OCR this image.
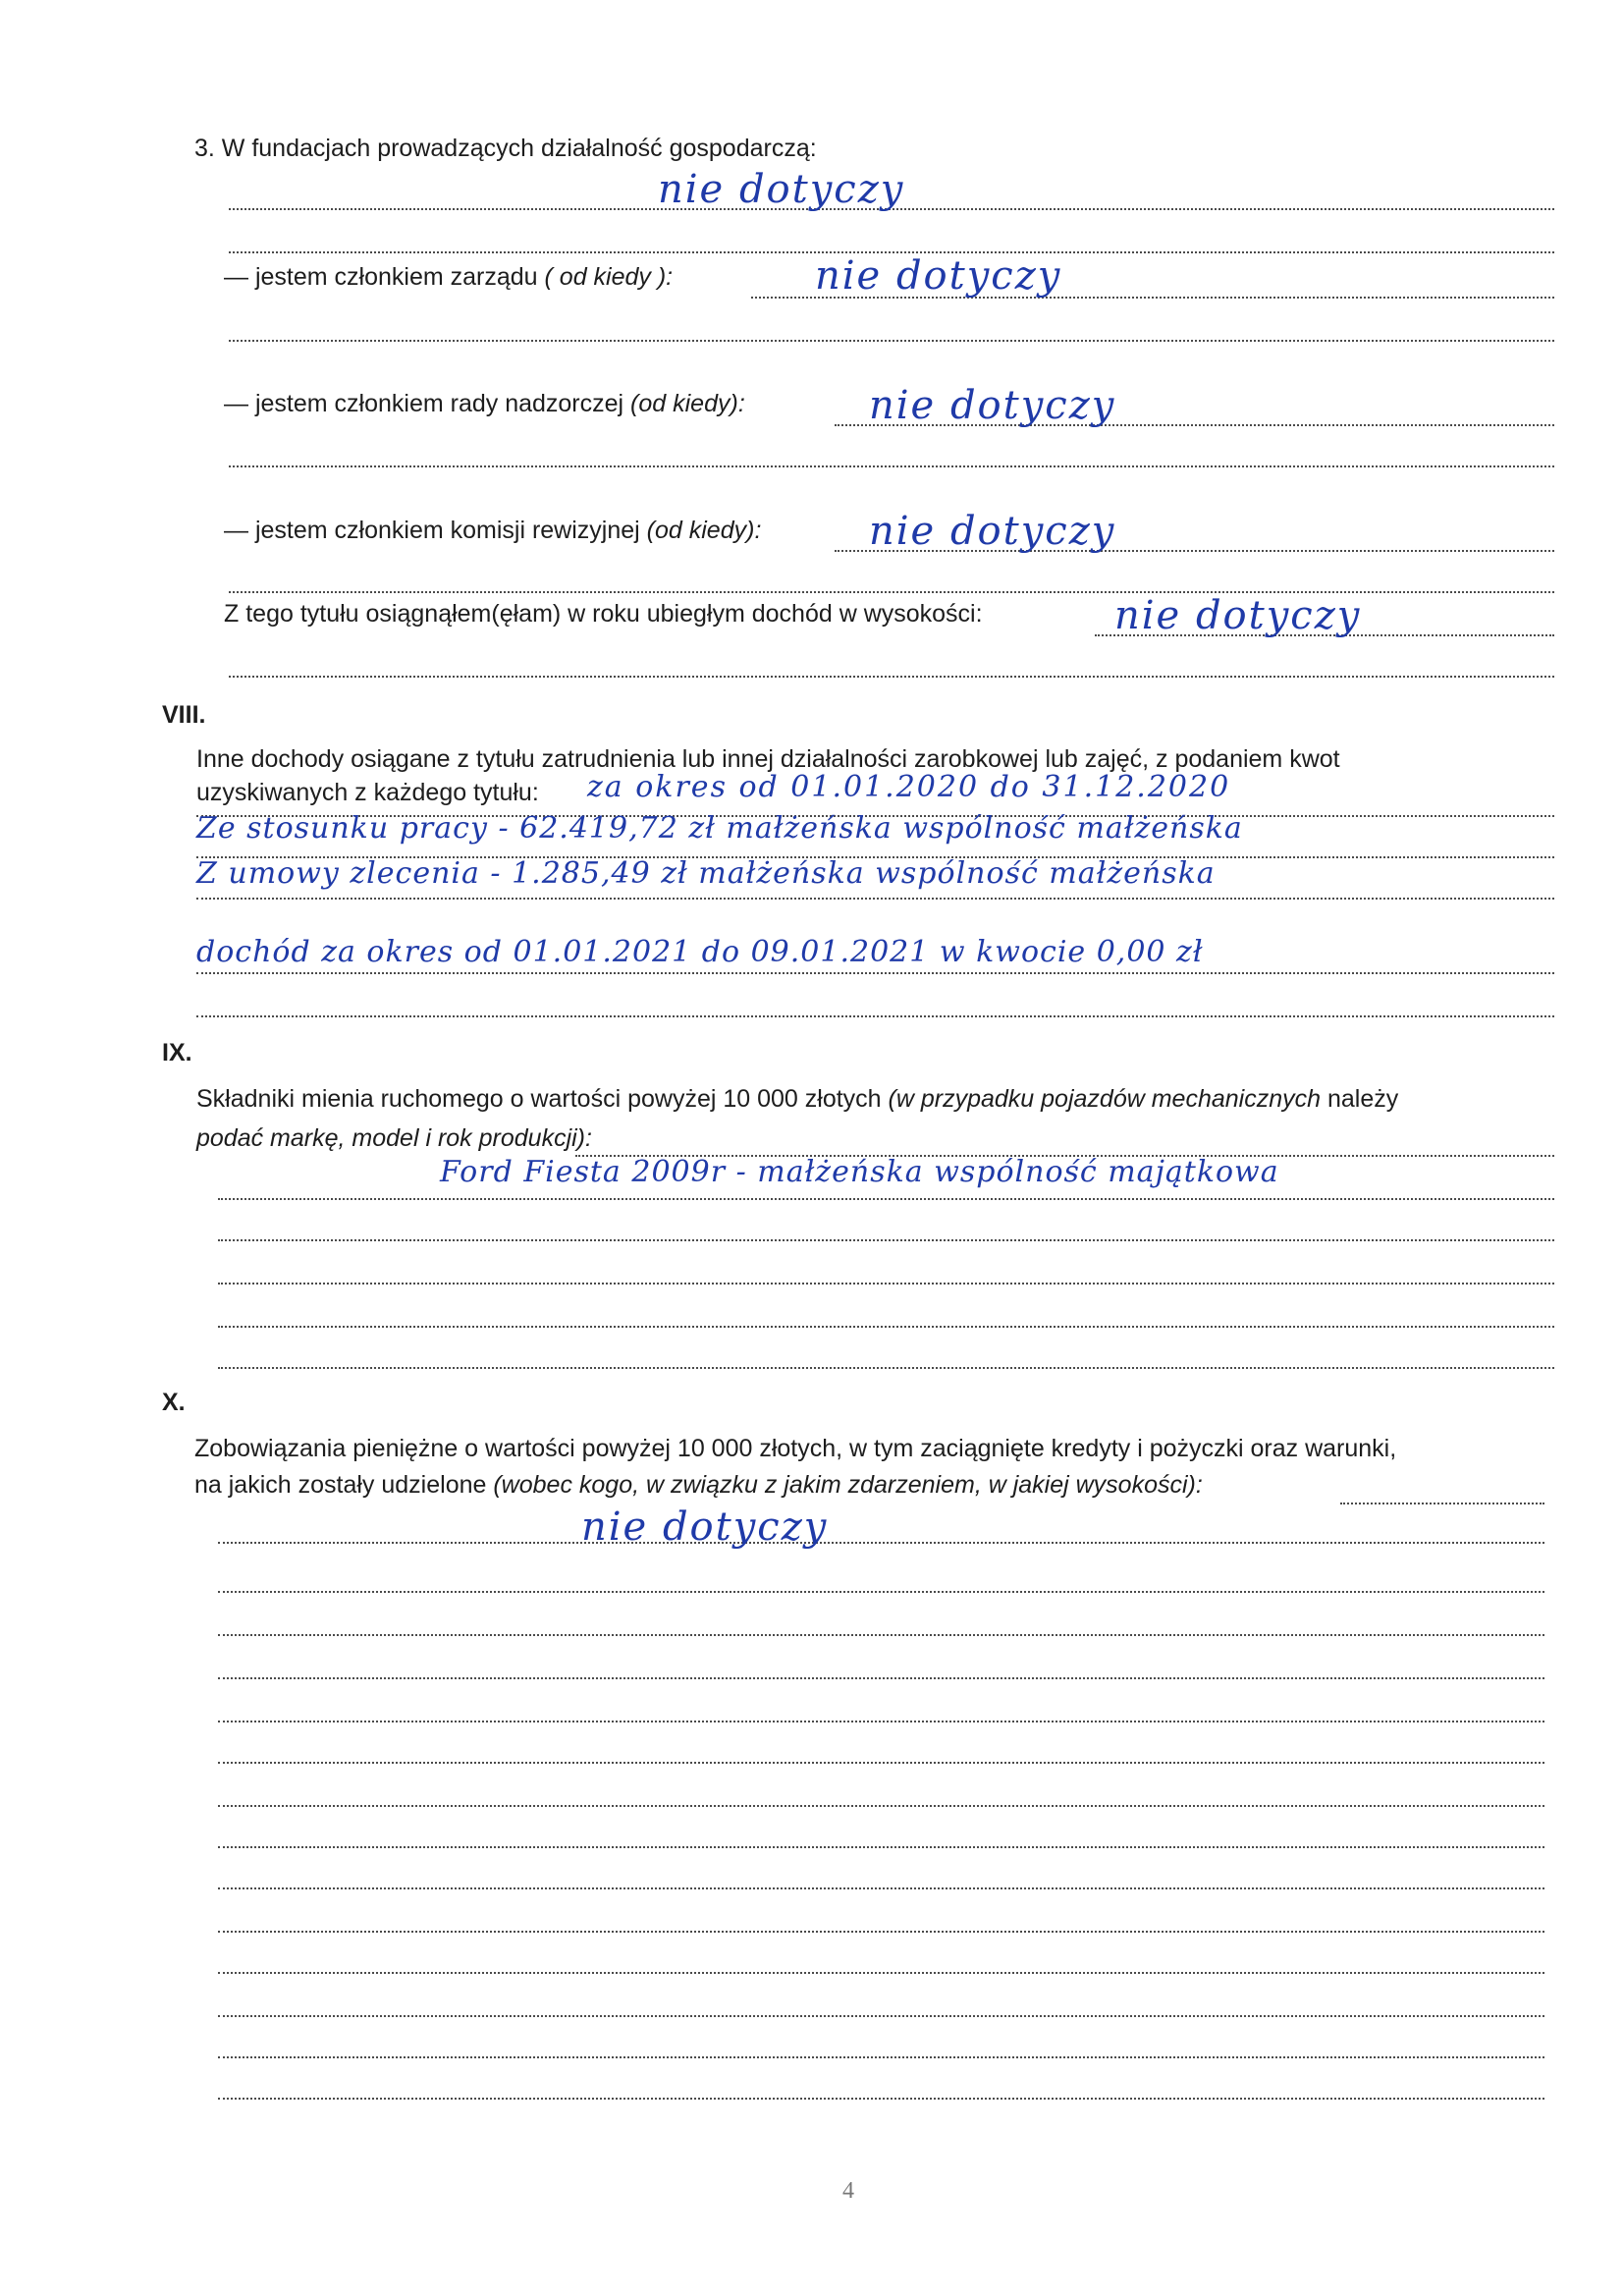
3. W fundacjach prowadzących działalność gospodarczą:
nie dotyczy
— jestem członkiem zarządu ( od kiedy ):	nie dotyczy
— jestem członkiem rady nadzorczej (od kiedy):	nie dotyczy
— jestem członkiem komisji rewizyjnej (od kiedy):	nie dotyczy
Z tego tytułu osiągnąłem(ęłam) w roku ubiegłym dochód w wysokości:	nie dotyczy
VIII.
Inne dochody osiągane z tytułu zatrudnienia lub innej działalności zarobkowej lub zajęć, z podaniem kwot
uzyskiwanych z każdego tytułu: za okres od 01.01.2020 do 31.12.2020
Ze stosunku pracy - 62.419,72 zł małżeńska wspólność małżeńska
Z umowy zlecenia - 1.285,49 zł małżeńska wspólność małżeńska
dochód za okres od 01.01.2021 do 09.01.2021 w kwocie 0,00 zł
IX.
Składniki mienia ruchomego o wartości powyżej 10 000 złotych (w przypadku pojazdów mechanicznych należy
podać markę, model i rok produkcji):
Ford Fiesta 2009r - małżeńska wspólność majątkowa
X.
Zobowiązania pieniężne o wartości powyżej 10 000 złotych, w tym zaciągnięte kredyty i pożyczki oraz warunki,
na jakich zostały udzielone (wobec kogo, w związku z jakim zdarzeniem, w jakiej wysokości):
nie dotyczy
4
